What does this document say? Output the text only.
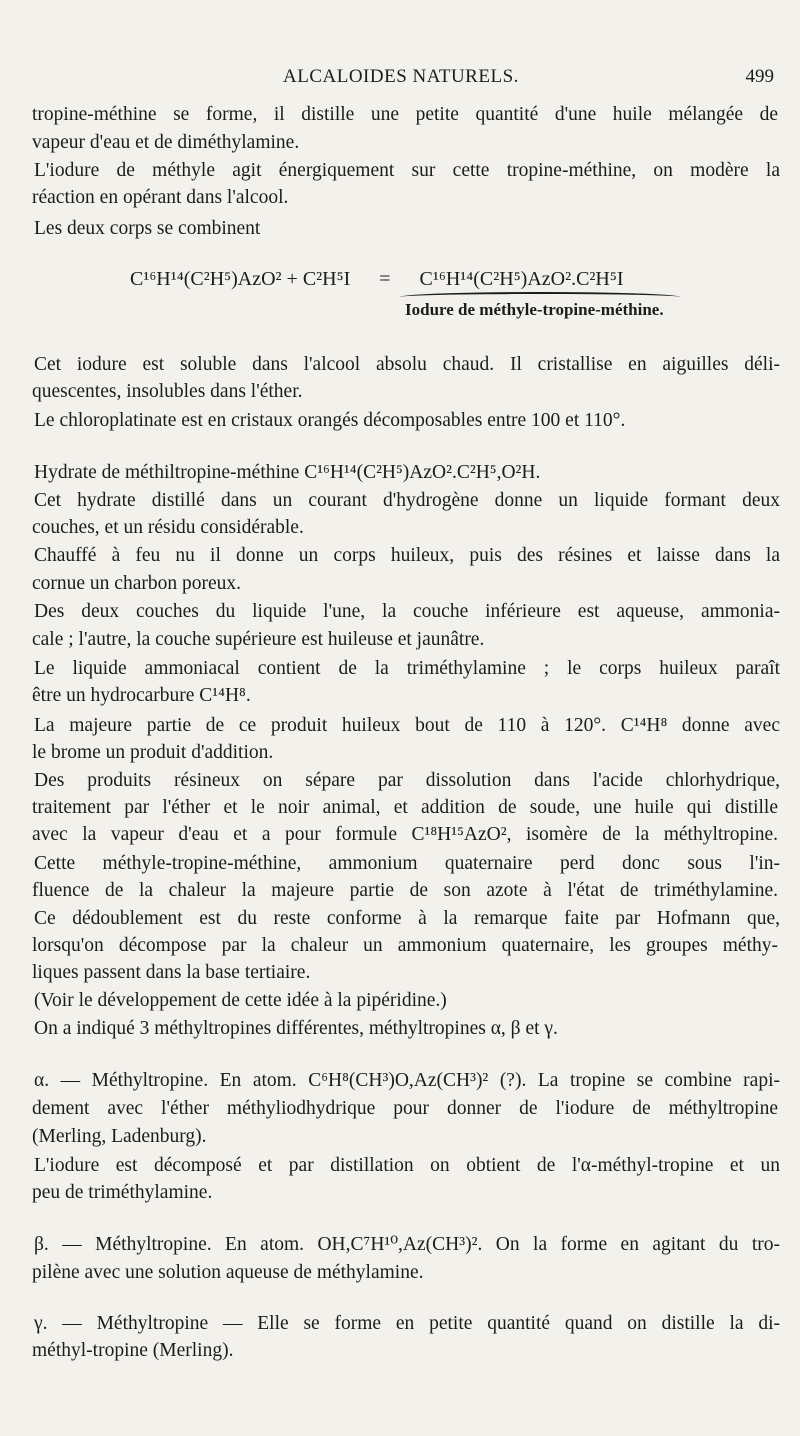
ALCALOIDES NATURELS.	499
tropine-méthine se forme, il distille une petite quantité d'une huile mélangée de
vapeur d'eau et de diméthylamine.
L'iodure de méthyle agit énergiquement sur cette tropine-méthine, on modère la
réaction en opérant dans l'alcool.
Les deux corps se combinent
C¹⁶H¹⁴(C²H⁵)AzO² + C²H⁵I = C¹⁶H¹⁴(C²H⁵)AzO².C²H⁵I
Iodure de méthyle-tropine-méthine.
Cet iodure est soluble dans l'alcool absolu chaud. Il cristallise en aiguilles déli-
quescentes, insolubles dans l'éther.
Le chloroplatinate est en cristaux orangés décomposables entre 100 et 110°.
Hydrate de méthiltropine-méthine C¹⁶H¹⁴(C²H⁵)AzO².C²H⁵,O²H.
Cet hydrate distillé dans un courant d'hydrogène donne un liquide formant deux
couches, et un résidu considérable.
Chauffé à feu nu il donne un corps huileux, puis des résines et laisse dans la
cornue un charbon poreux.
Des deux couches du liquide l'une, la couche inférieure est aqueuse, ammonia-
cale ; l'autre, la couche supérieure est huileuse et jaunâtre.
Le liquide ammoniacal contient de la triméthylamine ; le corps huileux paraît
être un hydrocarbure C¹⁴H⁸.
La majeure partie de ce produit huileux bout de 110 à 120°. C¹⁴H⁸ donne avec
le brome un produit d'addition.
Des produits résineux on sépare par dissolution dans l'acide chlorhydrique,
traitement par l'éther et le noir animal, et addition de soude, une huile qui distille
avec la vapeur d'eau et a pour formule C¹⁸H¹⁵AzO², isomère de la méthyltropine.
Cette méthyle-tropine-méthine, ammonium quaternaire perd donc sous l'in-
fluence de la chaleur la majeure partie de son azote à l'état de triméthylamine.
Ce dédoublement est du reste conforme à la remarque faite par Hofmann que,
lorsqu'on décompose par la chaleur un ammonium quaternaire, les groupes méthy-
liques passent dans la base tertiaire.
(Voir le développement de cette idée à la pipéridine.)
On a indiqué 3 méthyltropines différentes, méthyltropines α, β et γ.
α. — Méthyltropine. En atom. C⁶H⁸(CH³)O,Az(CH³)² (?). La tropine se combine rapi-
dement avec l'éther méthyliodhydrique pour donner de l'iodure de méthyltropine
(Merling, Ladenburg).
L'iodure est décomposé et par distillation on obtient de l'α-méthyl-tropine et un
peu de triméthylamine.
β. — Méthyltropine. En atom. OH,C⁷H¹⁰,Az(CH³)². On la forme en agitant du tro-
pilène avec une solution aqueuse de méthylamine.
γ. — Méthyltropine — Elle se forme en petite quantité quand on distille la di-
méthyl-tropine (Merling).
